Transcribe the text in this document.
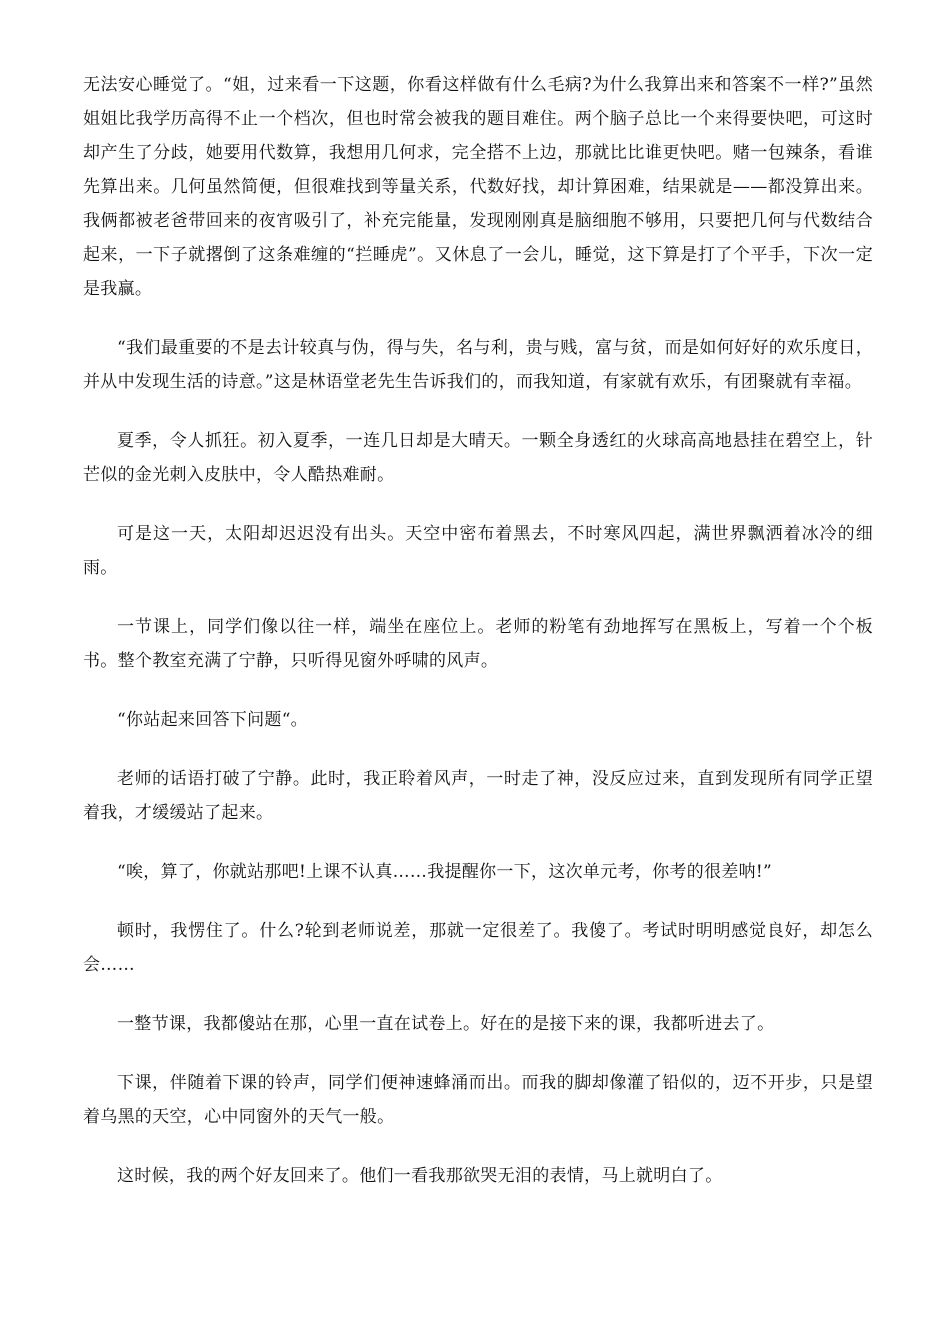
无法安心睡觉了。“姐，过来看一下这题，你看这样做有什么毛病?为什么我算出来和答案不一样?”虽然姐姐比我学历高得不止一个档次，但也时常会被我的题目难住。两个脑子总比一个来得要快吧，可这时却产生了分歧，她要用代数算，我想用几何求，完全搭不上边，那就比比谁更快吧。赌一包辣条，看谁先算出来。几何虽然简便，但很难找到等量关系，代数好找，却计算困难，结果就是——都没算出来。我俩都被老爸带回来的夜宵吸引了，补充完能量，发现刚刚真是脑细胞不够用，只要把几何与代数结合起来，一下子就撂倒了这条难缠的“拦睡虎”。又休息了一会儿，睡觉，这下算是打了个平手，下次一定是我赢。

“我们最重要的不是去计较真与伪，得与失，名与利，贵与贱，富与贫，而是如何好好的欢乐度日，并从中发现生活的诗意。”这是林语堂老先生告诉我们的，而我知道，有家就有欢乐，有团聚就有幸福。

夏季，令人抓狂。初入夏季，一连几日却是大晴天。一颗全身透红的火球高高地悬挂在碧空上，针芒似的金光刺入皮肤中，令人酷热难耐。

可是这一天，太阳却迟迟没有出头。天空中密布着黑去，不时寒风四起，满世界飘洒着冰冷的细雨。

一节课上，同学们像以往一样，端坐在座位上。老师的粉笔有劲地挥写在黑板上，写着一个个板书。整个教室充满了宁静，只听得见窗外呼啸的风声。

“你站起来回答下问题“。

老师的话语打破了宁静。此时，我正聆着风声，一时走了神，没反应过来，直到发现所有同学正望着我，才缓缓站了起来。

“唉，算了，你就站那吧!上课不认真……我提醒你一下，这次单元考，你考的很差呐!”

顿时，我愣住了。什么?轮到老师说差，那就一定很差了。我傻了。考试时明明感觉良好，却怎么会……

一整节课，我都傻站在那，心里一直在试卷上。好在的是接下来的课，我都听进去了。

下课，伴随着下课的铃声，同学们便神速蜂涌而出。而我的脚却像灌了铅似的，迈不开步，只是望着乌黑的天空，心中同窗外的天气一般。

这时候，我的两个好友回来了。他们一看我那欲哭无泪的表情，马上就明白了。
